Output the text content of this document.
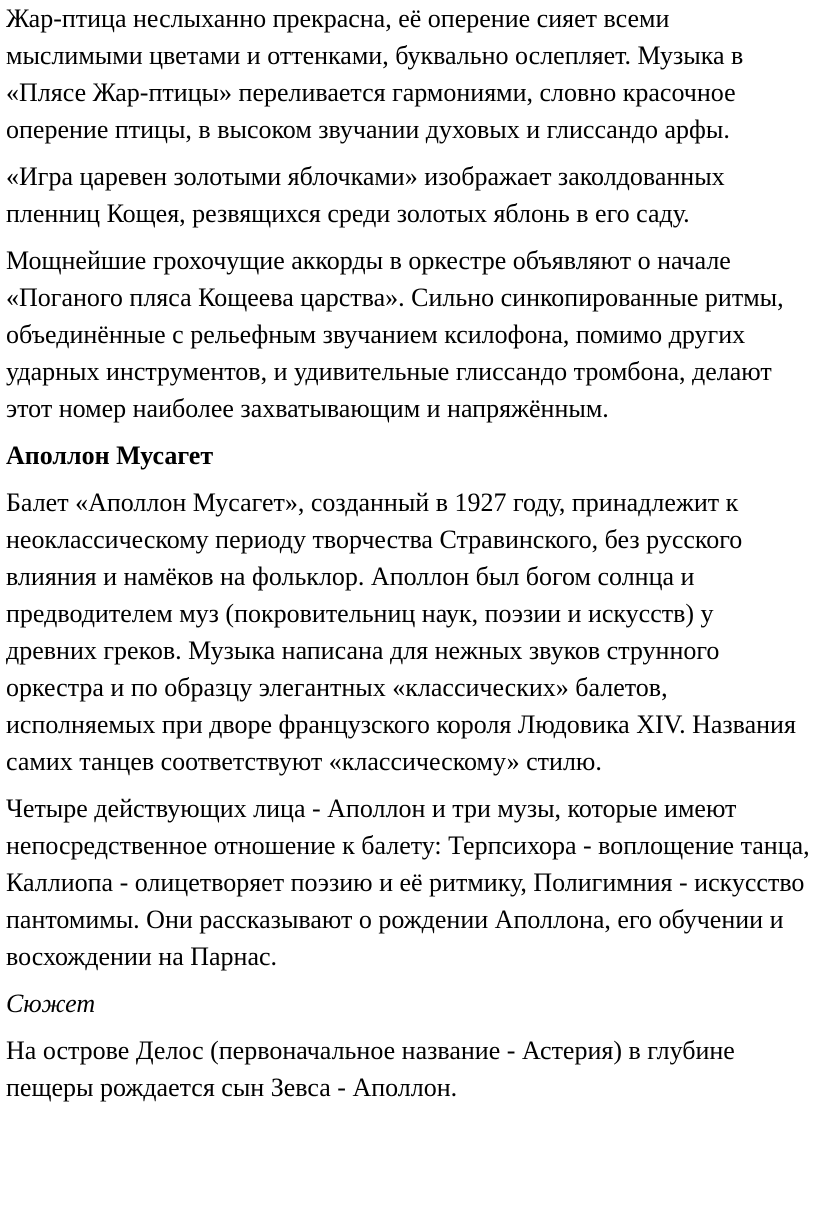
Жар-птица неслыханно прекрасна, её оперение сияет всеми мыслимыми цветами и оттенками, буквально ослепляет. Музыка в «Плясе Жар-птицы» переливается гармониями, словно красочное оперение птицы, в высоком звучании духовых и глиссандо арфы.

«Игра царевен золотыми яблочками» изображает заколдованных пленниц Кощея, резвящихся среди золотых яблонь в его саду.

Мощнейшие грохочущие аккорды в оркестре объявляют о начале «Поганого пляса Кощеева царства». Сильно синкопированные ритмы, объединённые с рельефным звучанием ксилофона, помимо других ударных инструментов, и удивительные глиссандо тромбона, делают этот номер наиболее захватывающим и напряжённым.

Аполлон Мусагет

Балет «Аполлон Мусагет», созданный в 1927 году, принадлежит к неоклассическому периоду творчества Стравинского, без русского влияния и намёков на фольклор. Аполлон был богом солнца и предводителем муз (покровительниц наук, поэзии и искусств) у древних греков. Музыка написана для нежных звуков струнного оркестра и по образцу элегантных «классических» балетов, исполняемых при дворе французского короля Людовика XIV. Названия самих танцев соответствуют «классическому» стилю.

Четыре действующих лица - Аполлон и три музы, которые имеют непосредственное отношение к балету: Терпсихора - воплощение танца, Каллиопа - олицетворяет поэзию и её ритмику, Полигимния - искусство пантомимы. Они рассказывают о рождении Аполлона, его обучении и восхождении на Парнас.

Сюжет

На острове Делос (первоначальное название - Астерия) в глубине пещеры рождается сын Зевса - Аполлон.
